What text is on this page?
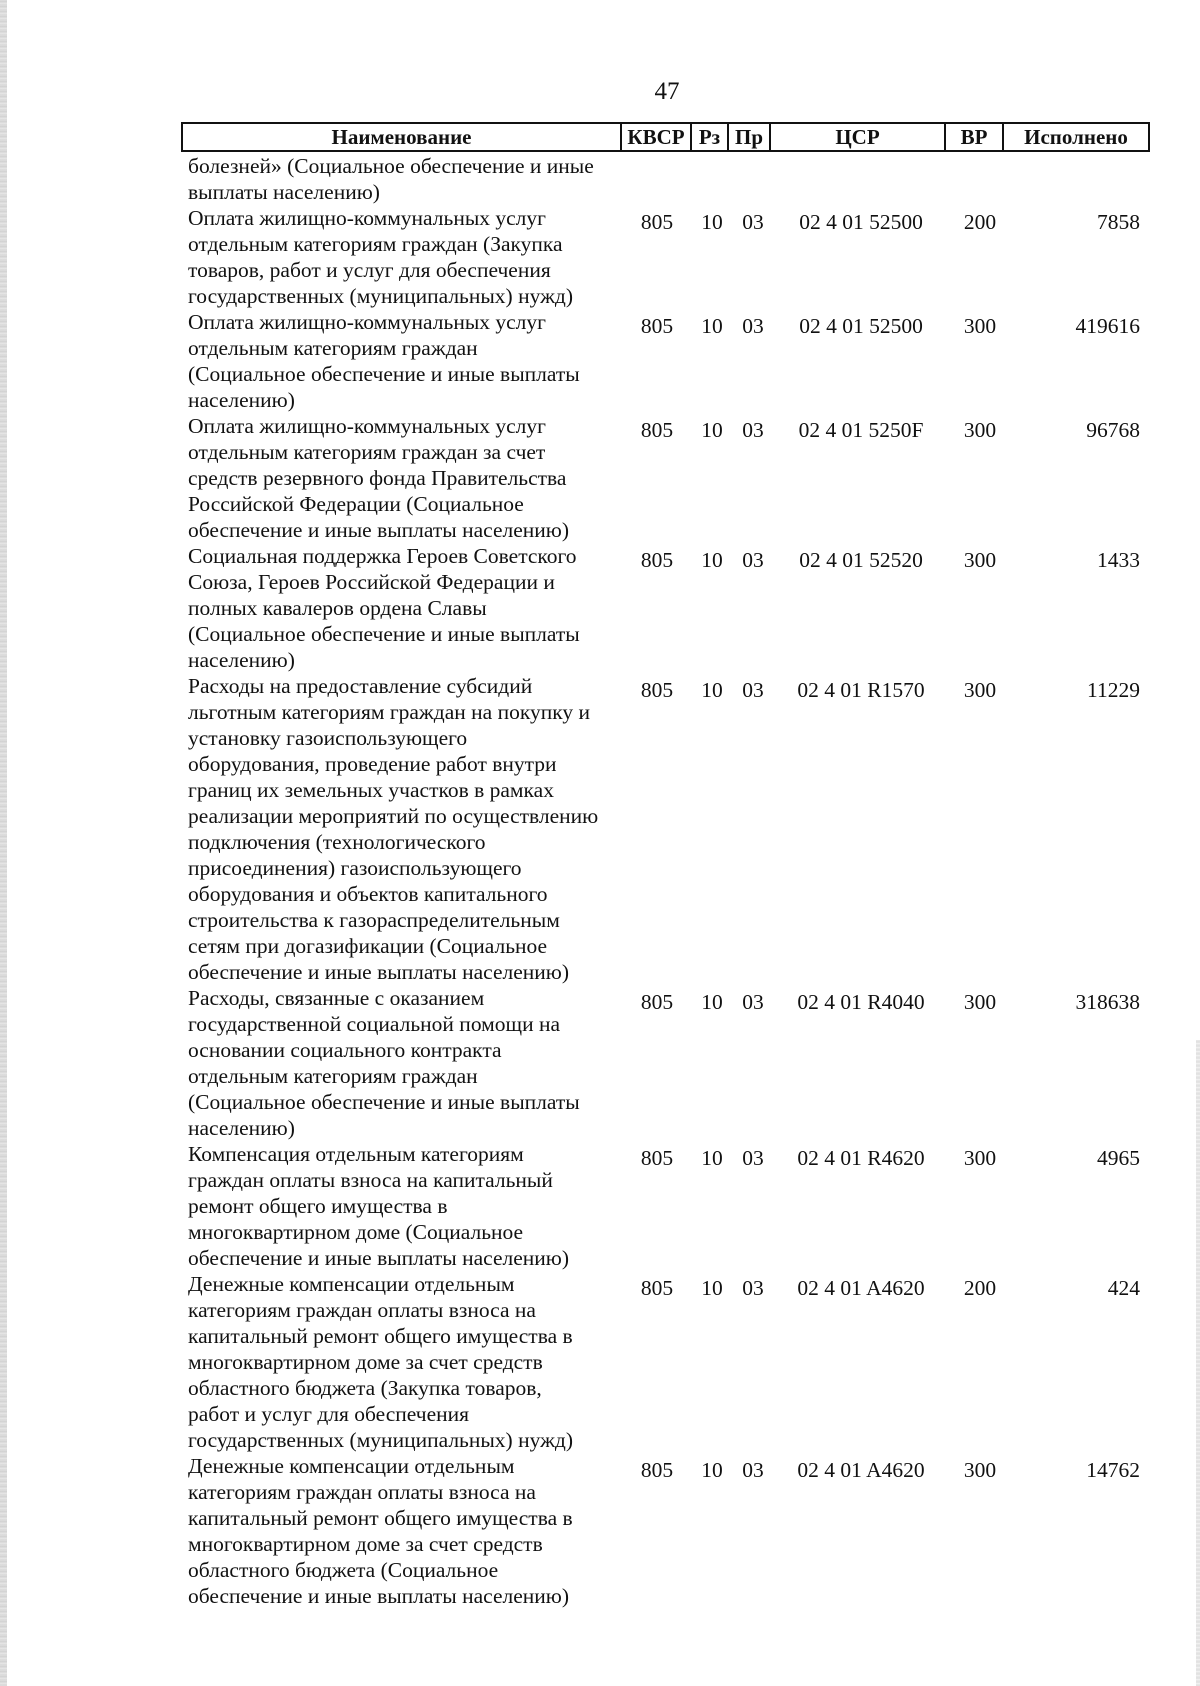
47
Наименование	КВСР Рз Пр	ЦСР	ВР	Исполнено
болезней» (Социальное обеспечение и иные
выплаты населению)
Оплата жилищно-коммунальных услуг
отдельным категориям граждан (Закупка
товаров, работ и услуг для обеспечения
государственных (муниципальных) нужд)
805	10 03	02 4 01 52500	200	7858
Оплата жилищно-коммунальных услуг
отдельным категориям граждан
(Социальное обеспечение и иные выплаты
населению)
805	10 03	02 4 01 52500	300	419616
Оплата жилищно-коммунальных услуг
отдельным категориям граждан за счет
средств резервного фонда Правительства
Российской Федерации (Социальное
обеспечение и иные выплаты населению)
805	10 03	02 4 01 5250F	300	96768
Социальная поддержка Героев Советского
Союза, Героев Российской Федерации и
полных кавалеров ордена Славы
(Социальное обеспечение и иные выплаты
населению)
805	10 03	02 4 01 52520	300	1433
Расходы на предоставление субсидий
льготным категориям граждан на покупку и
установку газоиспользующего
оборудования, проведение работ внутри
границ их земельных участков в рамках
реализации мероприятий по осуществлению
подключения (технологического
присоединения) газоиспользующего
оборудования и объектов капитального
строительства к газораспределительным
сетям при догазификации (Социальное
обеспечение и иные выплаты населению)
805	10 03	02 4 01 R1570	300	11229
Расходы, связанные с оказанием
государственной социальной помощи на
основании социального контракта
отдельным категориям граждан
(Социальное обеспечение и иные выплаты
населению)
805	10 03	02 4 01 R4040	300	318638
Компенсация отдельным категориям
граждан оплаты взноса на капитальный
ремонт общего имущества в
многоквартирном доме (Социальное
обеспечение и иные выплаты населению)
805	10 03	02 4 01 R4620	300	4965
Денежные компенсации отдельным
категориям граждан оплаты взноса на
капитальный ремонт общего имущества в
многоквартирном доме за счет средств
областного бюджета (Закупка товаров,
работ и услуг для обеспечения
государственных (муниципальных) нужд)
805	10 03	02 4 01 A4620	200	424
Денежные компенсации отдельным
категориям граждан оплаты взноса на
капитальный ремонт общего имущества в
многоквартирном доме за счет средств
областного бюджета (Социальное
обеспечение и иные выплаты населению)
805	10 03	02 4 01 A4620	300	14762
